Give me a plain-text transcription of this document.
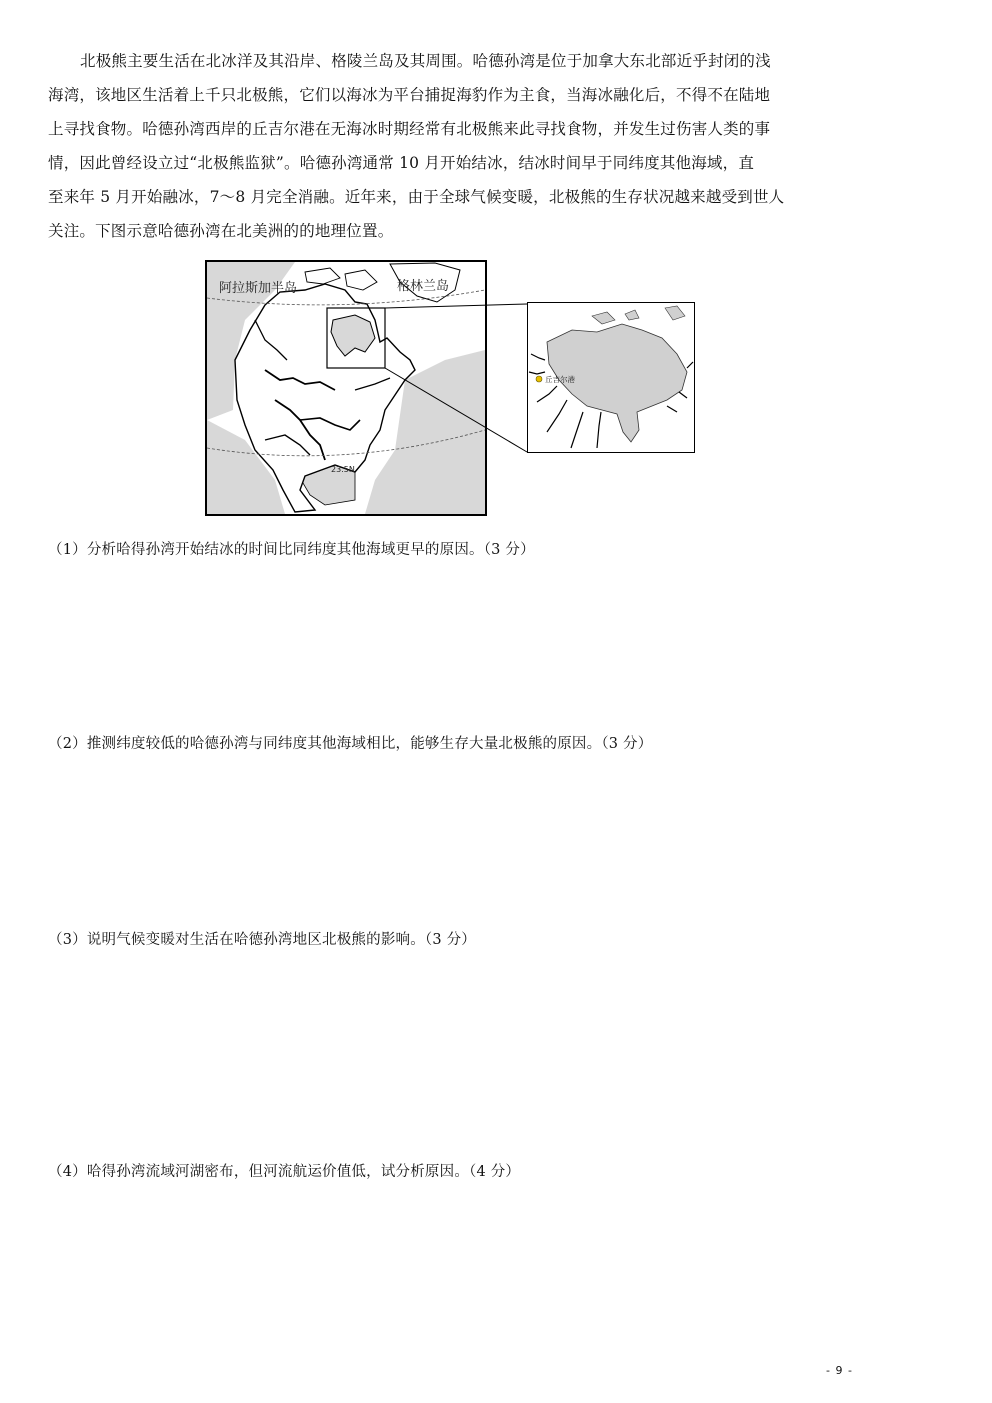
北极熊主要生活在北冰洋及其沿岸、格陵兰岛及其周围。哈德孙湾是位于加拿大东北部近乎封闭的浅
海湾，该地区生活着上千只北极熊，它们以海冰为平台捕捉海豹作为主食，当海冰融化后，不得不在陆地
上寻找食物。哈德孙湾西岸的丘吉尔港在无海冰时期经常有北极熊来此寻找食物，并发生过伤害人类的事
情，因此曾经设立过“北极熊监狱”。哈德孙湾通常 10 月开始结冰，结冰时间早于同纬度其他海域，直
至来年 5 月开始融冰，7～8 月完全消融。近年来，由于全球气候变暖，北极熊的生存状况越来越受到世人
关注。下图示意哈德孙湾在北美洲的的地理位置。
阿拉斯加半岛	格林兰岛
23.5N
丘吉尔港

（1）分析哈得孙湾开始结冰的时间比同纬度其他海域更早的原因。（3 分）

（2）推测纬度较低的哈德孙湾与同纬度其他海域相比，能够生存大量北极熊的原因。（3 分）

（3）说明气候变暖对生活在哈德孙湾地区北极熊的影响。（3 分）

（4）哈得孙湾流域河湖密布，但河流航运价值低，试分析原因。（4 分）

- 9 -
